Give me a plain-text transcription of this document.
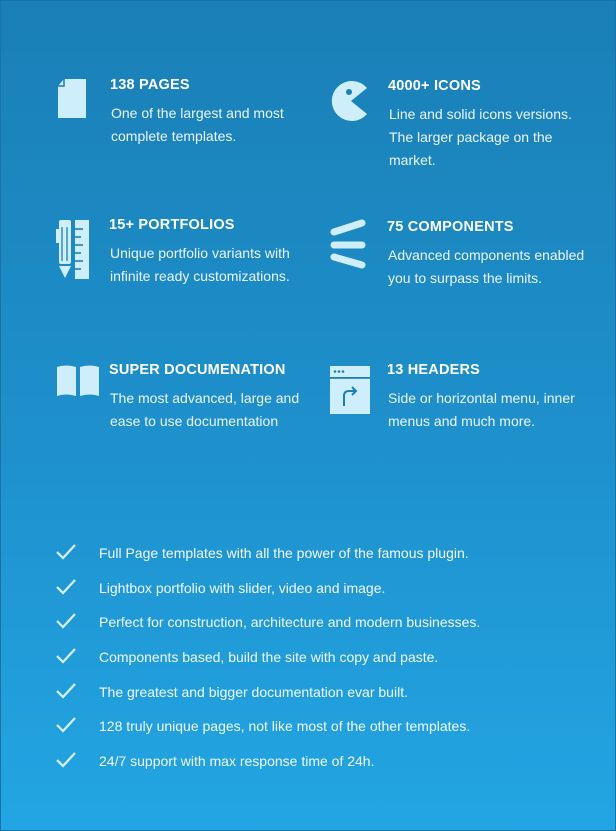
138 PAGES
One of the largest and most complete templates.
4000+ ICONS
Line and solid icons versions. The larger package on the market.
15+ PORTFOLIOS
Unique portfolio variants with infinite ready customizations.
75 COMPONENTS
Advanced components enabled you to surpass the limits.
SUPER DOCUMENATION
The most advanced, large and ease to use documentation
13 HEADERS
Side or horizontal menu, inner menus and much more.
Full Page templates with all the power of the famous plugin.
Lightbox portfolio with slider, video and image.
Perfect for construction, architecture and modern businesses.
Components based, build the site with copy and paste.
The greatest and bigger documentation evar built.
128 truly unique pages, not like most of the other templates.
24/7 support with max response time of 24h.
